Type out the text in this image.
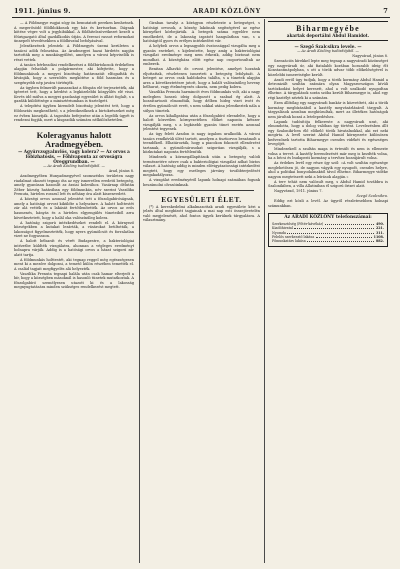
1911. június 9.	ARADI KÖZLÖNY	7

— A Földmegye rugjai sógy ön bemutatott pereken kenhetnek. A megerősödő földblokkosok egy ház és kertsorban. Dágnak kötése végre volt a jegyhibákkal. A földhitelszövetkezet kezelt a főúrigazgató által gazdálkodás útján. A ferenci rassot reformokat ünnepelt tévedésekben a földhivatal befolyásával.

Jelentkezések jelentek: A Földmegyés üzemi kerületen a tanácsi adók felosztása. Az Aradmegyei hazai hirdetés napján tartották meg a munkásgyűlést, amelyen a városi képviselők is részt vettek.

A tanács bérbeadási rendelkezései a földbirtokosok érdekében alapján felszólalt a polgármester, aki kifejtette, hogy a földmunkások a megyei bizottság határozatát elfogadták és kívánják, hogy a szerződés megkötése a föld hasznára és a szegényebb nép javára történjék.

Az ügyben felmerült panaszokat a főispán elé terjesztették, aki ígéretet tett, hogy a kérdést a legközelebbi közgyűlés elé viszi. Kevés idő múlva a megyei gazdasági egyesület is állást foglalt, s a gazdák küldöttsége a minisztériumban is tisztelgett.

A telepítési ügyben kirendelt bizottság jelentést tett, hogy a földosztás megkezdhető, s a jelentkezőknek a birtokrészeket még ez évben kiosztják. A tagosítás befejezése után a legelők ügyét is rendezni fogják, mert a kisgazdák számára nélkülözhetetlen.

Koleragyanus halott Aradmegyében.

— Agyúrvzsgyalnvlós, vagy kolera? — Az orvos a főbizhatósis. — Főhivaponta az orvoságra Öreggrundban. —

— Az Aradi Közlöny tudósítójától. —

Arad, június 8.

Aradmegyében Hunyadmegyével szomszédos területen nagy riadalmat okozott tegnap óta az egy ismeretlen eredetű betegség, amely gyanúsan hasonlít az ázsiai kolerához. Vasárnap délután Zéber község határában egy földmunkás, név szerint Vaszilika Prenuta, hirtelen rosszul lett és néhány óra alatt kiszenvedett.

A községi orvos azonnal jelentést tett a főszolgabíróságnak, amely a hatósági orvost kiküldte a helyszínre. A halott holttestét zár alá vették és a lakását fertőtlenítették. Az orvos az erős hasmenés, hányás és a hirtelen elgyengülés tüneteiből arra következtetett, hogy a halál oka valószínűleg kolera.

A hatóság szigorú intézkedéseket rendelt el. A környező községekben a kutakat lezárták, a vásárokat betiltották, a lakosságot figyelmeztették, hogy nyers gyümölcsöt és forralatlan vizet ne fogyasszon.

A halott bélsarát és vérét Budapestre, a bakteriológiai intézetbe küldték vizsgálatra, ahonnan a végleges eredményt holnapra várják. Addig is a hatósági orvos a házat szigorú zár alatt tartja.

A földmunkás holttestét, aki tegnap reggel még egészségesen ment ki a mezőre dolgozni, a temető külön részében temették el. A család tagjait megfigyelés alá helyezték.

Vaszilika Prenuta tegnapi halála után csak hamar elterjedt a hír, hogy a községben másoknál is hasonló tünetek mutatkoztak. A főszolgabíró személyesen utazott ki és a lakosság megnyugtatására minden szükséges rendelkezést megtett.

Giraban tavalyi a kórágyon részletezte a betegséget, s hatósági orvosok, a község lakóinak segítségével az egész környéket körbejárták. A betegek száma egyelőre nem emelkedett, de a lakosság izgatott hangulatban van, s a hatóságtól gyors és erélyes intézkedést vár.

A helybeli orvos a legnagyobb óvatossággal vizsgálta meg a gyanús eseteket, s kijelentette, hogy amíg a bakteriológiai vizsgálat eredménye meg nem érkezik, addig biztosat nem mondhat. A községháza előtt egész nap csoportosultak az emberek.

Benitan Alhavkó dr. orvosi jelentése, amelyet hozzánk eljuttattak, részletesen ismerteti a betegség lefolyását. A beteget az orvos csak haldokolva találta, s a tünetek alapján arra a következtetésre jutott, hogy a halált valószínűleg heveny bélhurut, vagy ételmérgezés okozta, nem pedig kolera.

Vaszilika Prenuta harmincöt éves földmunkás volt, aki a nagy melegben hosszú ideig dolgozott a szabad ég alatt. A hozzátartozói elmondták, hogy délben hideg vizet ivott és éretlen gyümölcsöt evett, s nem sokkal utána jelentkeztek nála a súlyos tünetek.

Az orvos kihallgatása után a főszolgabíró elrendelte, hogy a halott közvetlen környezetében élőket naponta kétszer vizsgálják meg, s a legkisebb gyanús tünet esetén azonnal jelentést tegyenek.

Az ügy felett Aradon is nagy izgalom uralkodik. A városi tanács rendkívüli ülést tartott, amelyen a tisztiorvos beszámolt a teendőkről. Elhatározták, hogy a piacokon fokozott ellenőrzést tartanak, a gyümölcsárusokat szigorúan vizsgálják, s a közkutakat naponta fertőtlenítik.

Mindezek a kórmegállapítások után a betegség valódi természetére nézve csak a bakteriológiai vizsgálat adhat biztos választ. A hatóság addig is minden elővigyázatossági intézkedést megtett, hogy egy esetleges járvány továbbterjedését megakadályozza.

A vizsgálat eredményéről lapunk holnapi számában fogunk beszámolni olvasóinknak.

EGYESÜLETI ÉLET.

(*) A kereskedelmi alkalmazottak aradi egyesülete kéri a jelzés által megbízott tagjainak a mai nap esti összejövetelén való megjelenését, ahol fontos ügyek kerülnek tárgyalásra. A választmány.

Biharmegyébe
akartak deportálni Abdul Hamidot.

— Szegő Szalcsikra levele. —

— Az Aradi Közlöny tudósítójától. —

Nagyvárad, június 8.

Szenzációs hírekkel lepte meg tegnap a nagyváradi közönséget egy nagyváradi úr, aki fiatalabb korában hosszabb ideig élt Konstantinápolyban, s ott a török udvar több előkelőségével is közelebbi ismeretségbe került.

Aradi erről úgy tudjuk, hogy a török kormány Abdul Hamid a detronizált szultán számára olyan Magyarországon kívüli tartózkodási helyet keresett, ahol a volt uralkodó nyugodtan élhetne. A tárgyalások során szóba került Biharmegye is, ahol egy régi kastélyt néztek ki a számára.

Ezen állítólag egy nagyváradi bankár is közvetített, aki a török kormány megbízásából a kastély megvásárlásáról tárgyalt. A tárgyalások azonban meghiúsultak, mert az illetékes hatóságok nem járultak hozzá a letelepedéshez.

Lapunk tudósítója felkereste a nagyváradi urat, aki elmondotta, hogy a dolog valóban így történt. Levelezésben állt egy Szaloniki-ben élő előkelő török hivatalnokkal, aki ezt neki megírta. A levél szerint Abdul Hamid környezete különösen kedvezőnek tartotta Biharmegye csendes vidékét és egészséges levegőjét.

Mindezekről a szultán maga is értesült és nem is ellenezte volna a tervet. A kastély berendezését már meg is kezdték volna, ha a bécsi és budapesti kormány a tervhez hozzájárult volna.

Az érdekes levél egy része így szól: »A volt szultán egészsége meglehetősen jó, de nagyon vágyik egy nyugodt, csendes helyre, ahol a politikai bonyodalmaktól távol élhetne. Biharmegye vidéke nagyon megtetszett neki a leírások alapján.«

A terv tehát nem valósult meg, s Abdul Hamid továbbra is Szalonikiben, a villa Allatiniban él szigorú őrizet alatt.

Nagyvárad, 1911. június 7.

Szegő Szalcsikra.

Eddig ezt közli a levél. Az ügyről részletesebben holnapi számunkban.

Az ARADI KÖZLÖNY telefonszámai:
Szerkesztőség (Főtér-kávéház)	490.
Kiadóhivatal	221.
Nyomda	311.
Felelős szerkesztő lakása	1108.
Főmunkatárs lakása	882.
